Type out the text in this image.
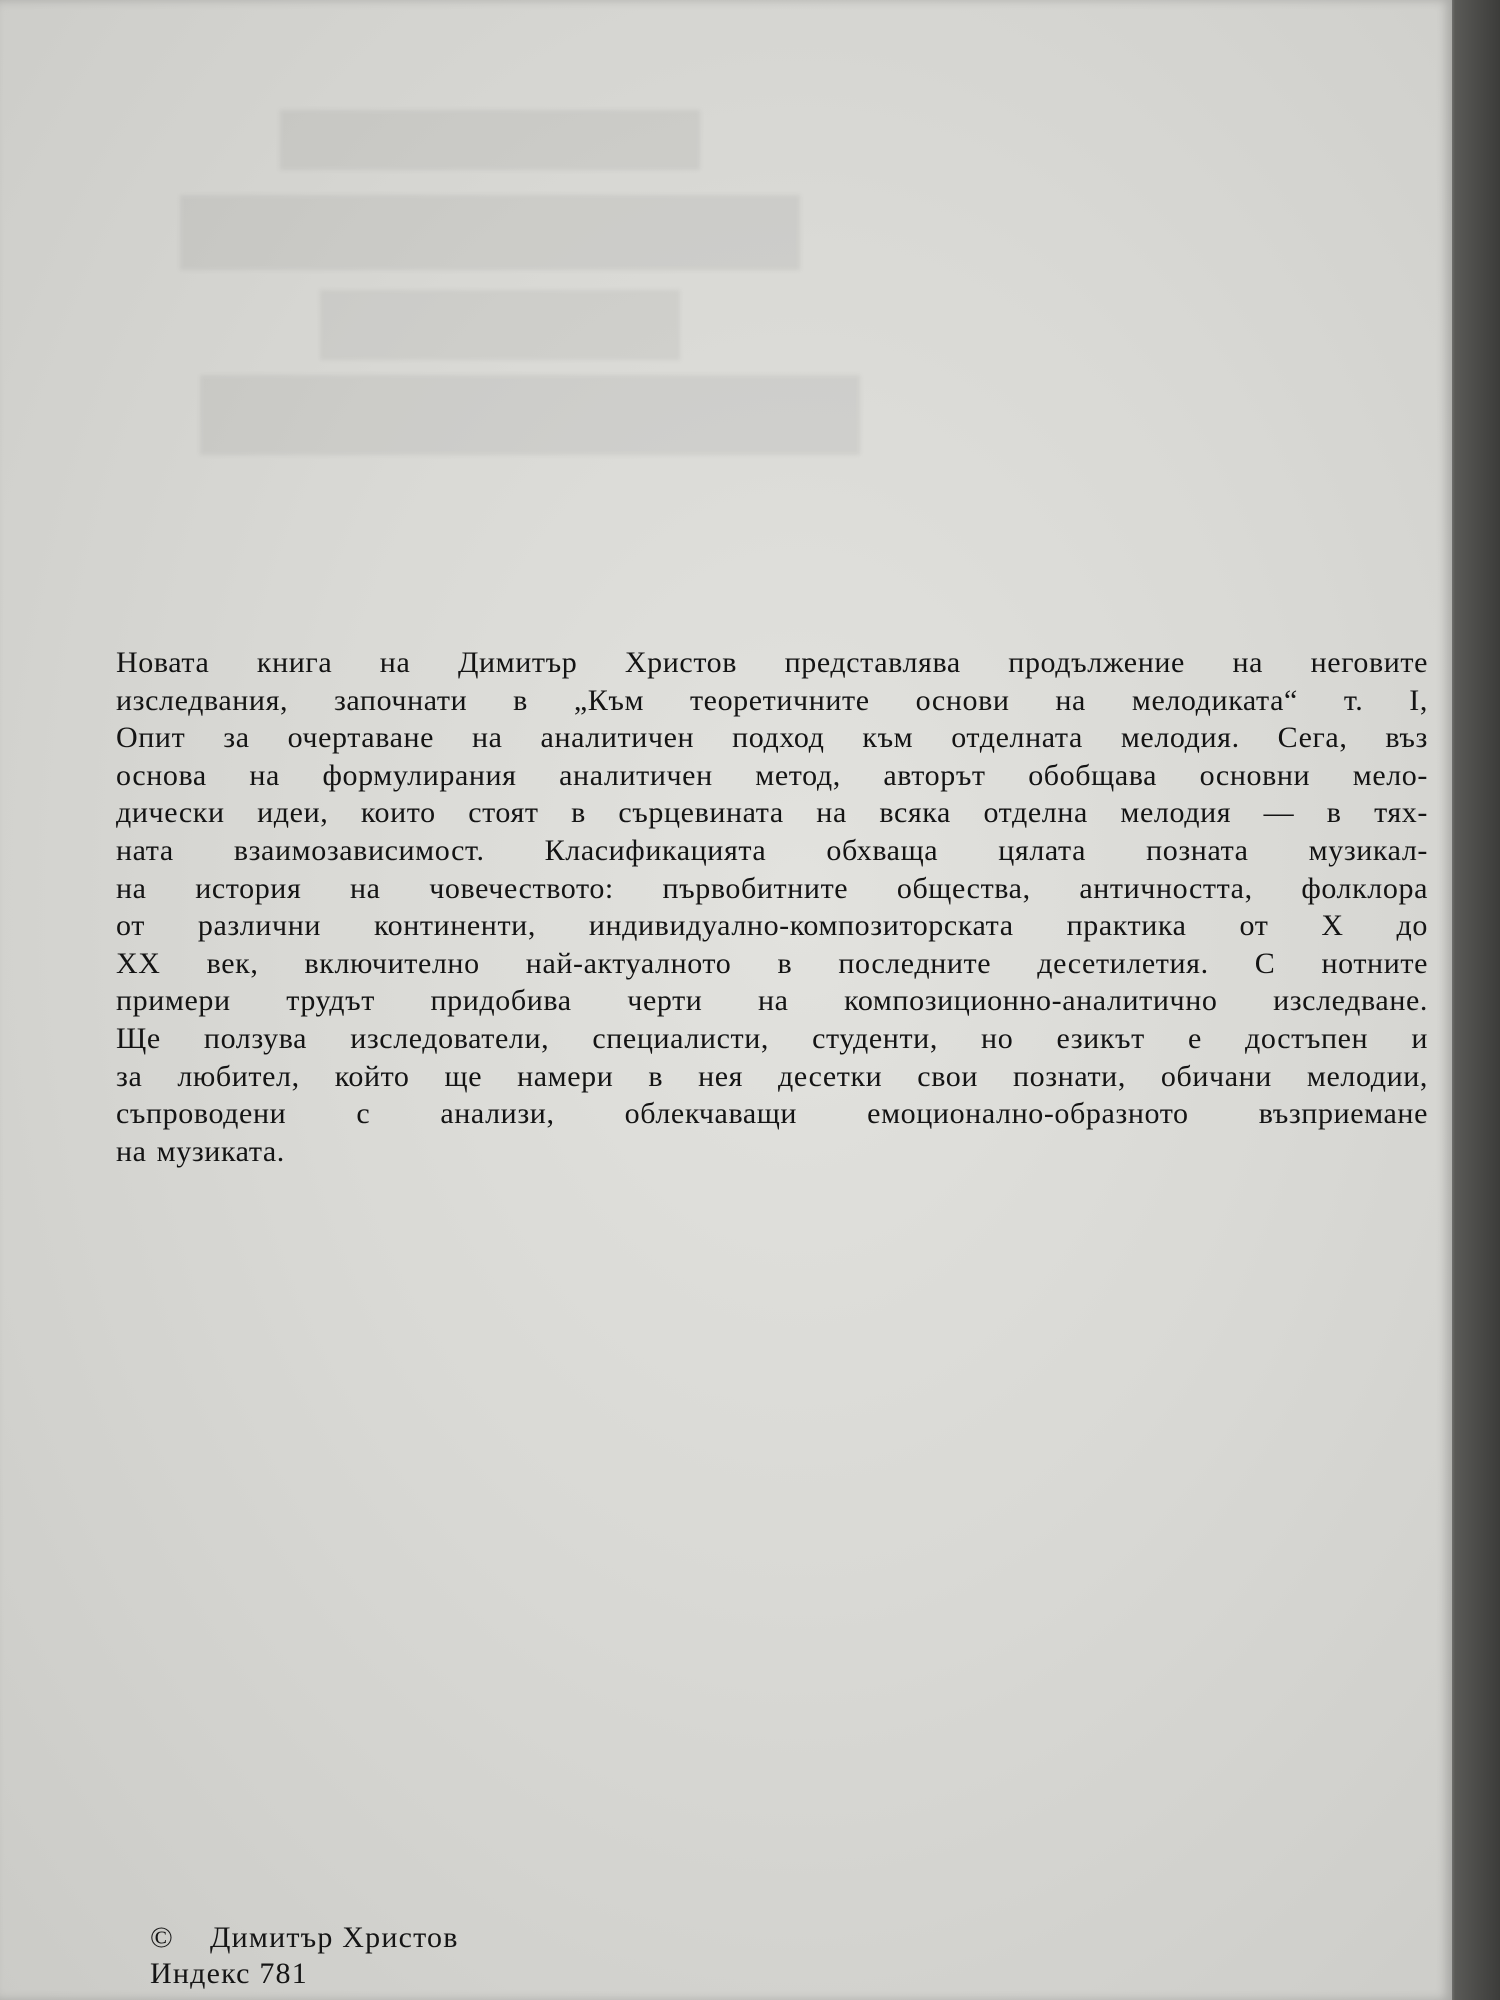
Новата книга на Димитър Христов представлява продължение на неговите
изследвания, започнати в „Към теоретичните основи на мелодиката“ т. I,
Опит за очертаване на аналитичен подход към отделната мелодия. Сега, въз
основа на формулирания аналитичен метод, авторът обобщава основни мело-
дически идеи, които стоят в сърцевината на всяка отделна мелодия — в тях-
ната взаимозависимост. Класификацията обхваща цялата позната музикал-
на история на човечеството: първобитните общества, античността, фолклора
от различни континенти, индивидуално-композиторската практика от X до
XX век, включително най-актуалното в последните десетилетия. С нотните
примери трудът придобива черти на композиционно-аналитично изследване.
Ще ползува изследователи, специалисти, студенти, но езикът е достъпен и
за любител, който ще намери в нея десетки свои познати, обичани мелодии,
съпроводени с анализи, облекчаващи емоционално-образното възприемане
на музиката.
© Димитър Христов
Индекс 781
